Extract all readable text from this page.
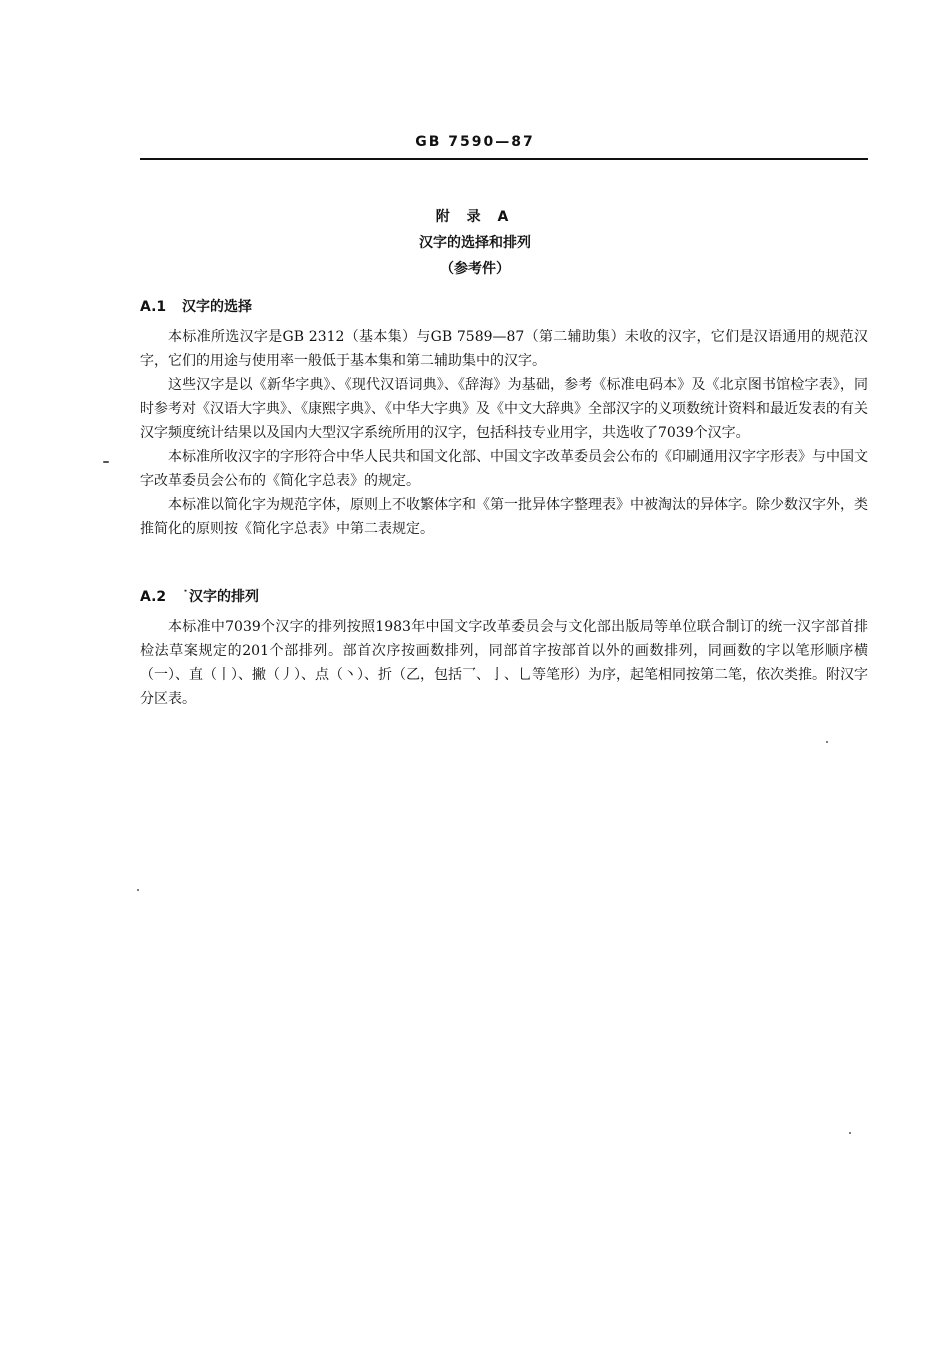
GB 7590—87
附 录 A
汉字的选择和排列
（参考件）
A.1 汉字的选择

本标准所选汉字是GB 2312（基本集）与GB 7589—87（第二辅助集）未收的汉字，它们是汉语通用的规范汉字，它们的用途与使用率一般低于基本集和第二辅助集中的汉字。

这些汉字是以《新华字典》、《现代汉语词典》、《辞海》为基础，参考《标准电码本》及《北京图书馆检字表》，同时参考对《汉语大字典》、《康熙字典》、《中华大字典》及《中文大辞典》全部汉字的义项数统计资料和最近发表的有关汉字频度统计结果以及国内大型汉字系统所用的汉字，包括科技专业用字，共选收了7039个汉字。

本标准所收汉字的字形符合中华人民共和国文化部、中国文字改革委员会公布的《印刷通用汉字字形表》与中国文字改革委员会公布的《简化字总表》的规定。

本标准以简化字为规范字体，原则上不收繁体字和《第一批异体字整理表》中被淘汰的异体字。除少数汉字外，类推简化的原则按《简化字总表》中第二表规定。

A.2 ˙汉字的排列

本标准中7039个汉字的排列按照1983年中国文字改革委员会与文化部出版局等单位联合制订的统一汉字部首排检法草案规定的201个部排列。部首次序按画数排列，同部首字按部首以外的画数排列，同画数的字以笔形顺序横（一）、直（丨）、撇（丿）、点（丶）、折（乙，包括乛、亅、乚等笔形）为序，起笔相同按第二笔，依次类推。附汉字分区表。
